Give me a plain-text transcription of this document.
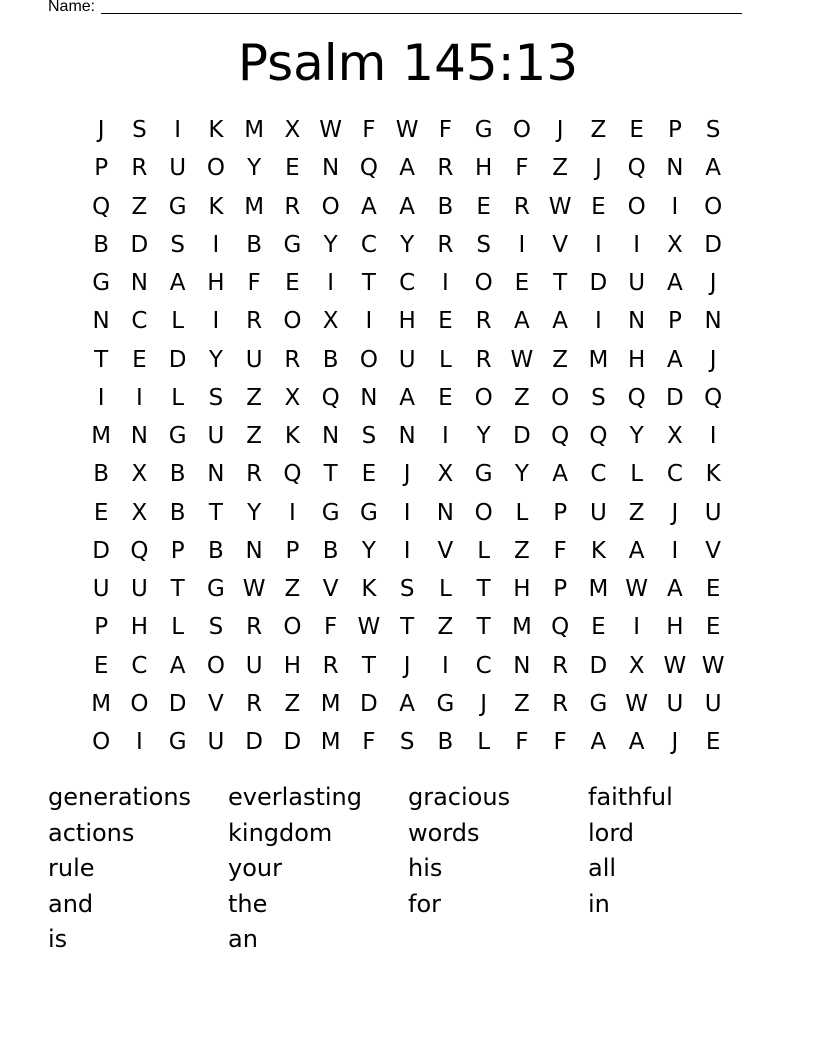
Name:
Psalm 145:13
J	S	I	K M X W F W F G O	J	Z	E	P	S
P	R U O Y	E N Q A R H F	Z	J	Q N A
Q Z G K M R O A A B	E R W E O	I	O
B D S	I	B G Y	C	Y	R S	I	V	I	I	X D
G N A H F	E	I	T	C	I	O E	T D U A	J
N C	L	I	R O X	I	H E R A A	I	N P N
T	E D Y U R B O U	L	R W Z M H A	J
I	I	L	S	Z X Q N A	E O Z O S Q D Q
M N G U Z K N S N	I	Y D Q Q Y	X	I
B X B N R Q T	E	J	X G Y	A C	L	C K
E	X B	T	Y	I	G G	I	N O L	P U Z	J	U
D Q P	B N P	B	Y	I	V	L	Z	F	K A	I	V
U U T G W Z V K	S	L	T H P M W A	E
P H	L	S R O F W T	Z	T M Q E	I	H E
E C A O U H R	T	J	I	C N R D X W W
M O D V R Z M D A G	J	Z R G W U U
O	I	G U D D M F	S	B	L	F	F	A A	J	E
generations	everlasting	gracious	faithful
actions	kingdom	words	lord
rule	your	his	all
and	the	for	in
is	an
